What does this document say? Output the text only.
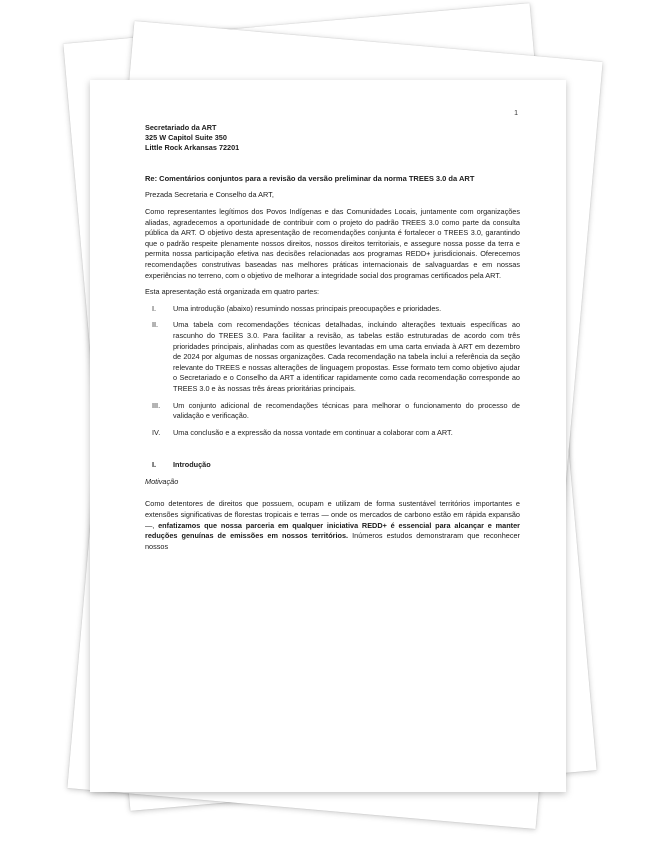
1
Secretariado da ART
325 W Capitol Suite 350
Little Rock Arkansas 72201
Re: Comentários conjuntos para a revisão da versão preliminar da norma TREES 3.0 da ART

Prezada Secretaria e Conselho da ART,

Como representantes legítimos dos Povos Indígenas e das Comunidades Locais, juntamente com organizações aliadas, agradecemos a oportunidade de contribuir com o projeto do padrão TREES 3.0 como parte da consulta pública da ART. O objetivo desta apresentação de recomendações conjunta é fortalecer o TREES 3.0, garantindo que o padrão respeite plenamente nossos direitos, nossos direitos territoriais, e assegure nossa posse da terra e permita nossa participação efetiva nas decisões relacionadas aos programas REDD+ jurisdicionais. Oferecemos recomendações construtivas baseadas nas melhores práticas internacionais de salvaguardas e em nossas experiências no terreno, com o objetivo de melhorar a integridade social dos programas certificados pela ART.

Esta apresentação está organizada em quatro partes:

I.	Uma introdução (abaixo) resumindo nossas principais preocupações e prioridades.
II.	Uma tabela com recomendações técnicas detalhadas, incluindo alterações textuais específicas ao rascunho do TREES 3.0. Para facilitar a revisão, as tabelas estão estruturadas de acordo com três prioridades principais, alinhadas com as questões levantadas em uma carta enviada à ART em dezembro de 2024 por algumas de nossas organizações. Cada recomendação na tabela inclui a referência da seção relevante do TREES e nossas alterações de linguagem propostas. Esse formato tem como objetivo ajudar o Secretariado e o Conselho da ART a identificar rapidamente como cada recomendação corresponde ao TREES 3.0 e às nossas três áreas prioritárias principais.
III.	Um conjunto adicional de recomendações técnicas para melhorar o funcionamento do processo de validação e verificação.
IV.	Uma conclusão e a expressão da nossa vontade em continuar a colaborar com a ART.
I.	Introdução
Motivação

Como detentores de direitos que possuem, ocupam e utilizam de forma sustentável territórios importantes e extensões significativas de florestas tropicais e terras — onde os mercados de carbono estão em rápida expansão —, enfatizamos que nossa parceria em qualquer iniciativa REDD+ é essencial para alcançar e manter reduções genuínas de emissões em nossos territórios. Inúmeros estudos demonstraram que reconhecer nossos
